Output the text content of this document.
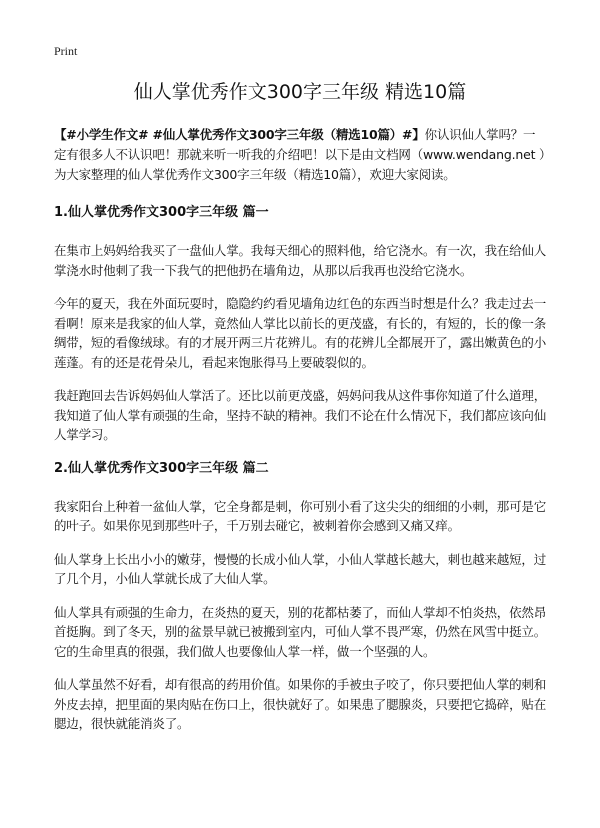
Print
仙人掌优秀作文300字三年级 精选10篇

【#小学生作文# #仙人掌优秀作文300字三年级（精选10篇）#】你认识仙人掌吗？一定有很多人不认识吧！那就来听一听我的介绍吧！以下是由文档网（www.wendang.net ）为大家整理的仙人掌优秀作文300字三年级（精选10篇），欢迎大家阅读。

1.仙人掌优秀作文300字三年级 篇一

在集市上妈妈给我买了一盘仙人掌。我每天细心的照料他，给它浇水。有一次，我在给仙人掌浇水时他刺了我一下我气的把他扔在墙角边，从那以后我再也没给它浇水。

今年的夏天，我在外面玩耍时，隐隐约约看见墙角边红色的东西当时想是什么？我走过去一看啊！原来是我家的仙人掌，竟然仙人掌比以前长的更茂盛，有长的，有短的，长的像一条绸带，短的看像绒球。有的才展开两三片花辨儿。有的花辨儿全都展开了，露出嫩黄色的小莲蓬。有的还是花骨朵儿，看起来饱胀得马上要破裂似的。

我赶跑回去告诉妈妈仙人掌活了。还比以前更茂盛，妈妈问我从这件事你知道了什么道理，我知道了仙人掌有顽强的生命，坚持不缺的精神。我们不论在什么情况下，我们都应该向仙人掌学习。

2.仙人掌优秀作文300字三年级 篇二

我家阳台上种着一盆仙人掌，它全身都是刺，你可别小看了这尖尖的细细的小刺，那可是它的叶子。如果你见到那些叶子，千万别去碰它，被刺着你会感到又痛又痒。

仙人掌身上长出小小的嫩芽，慢慢的长成小仙人掌，小仙人掌越长越大，刺也越来越短，过了几个月，小仙人掌就长成了大仙人掌。

仙人掌具有顽强的生命力，在炎热的夏天，别的花都枯萎了，而仙人掌却不怕炎热，依然昂首挺胸。到了冬天，别的盆景早就已被搬到室内，可仙人掌不畏严寒，仍然在风雪中挺立。它的生命里真的很强，我们做人也要像仙人掌一样，做一个坚强的人。

仙人掌虽然不好看，却有很高的药用价值。如果你的手被虫子咬了，你只要把仙人掌的刺和外皮去掉，把里面的果肉贴在伤口上，很快就好了。如果患了腮腺炎，只要把它捣碎，贴在腮边，很快就能消炎了。
